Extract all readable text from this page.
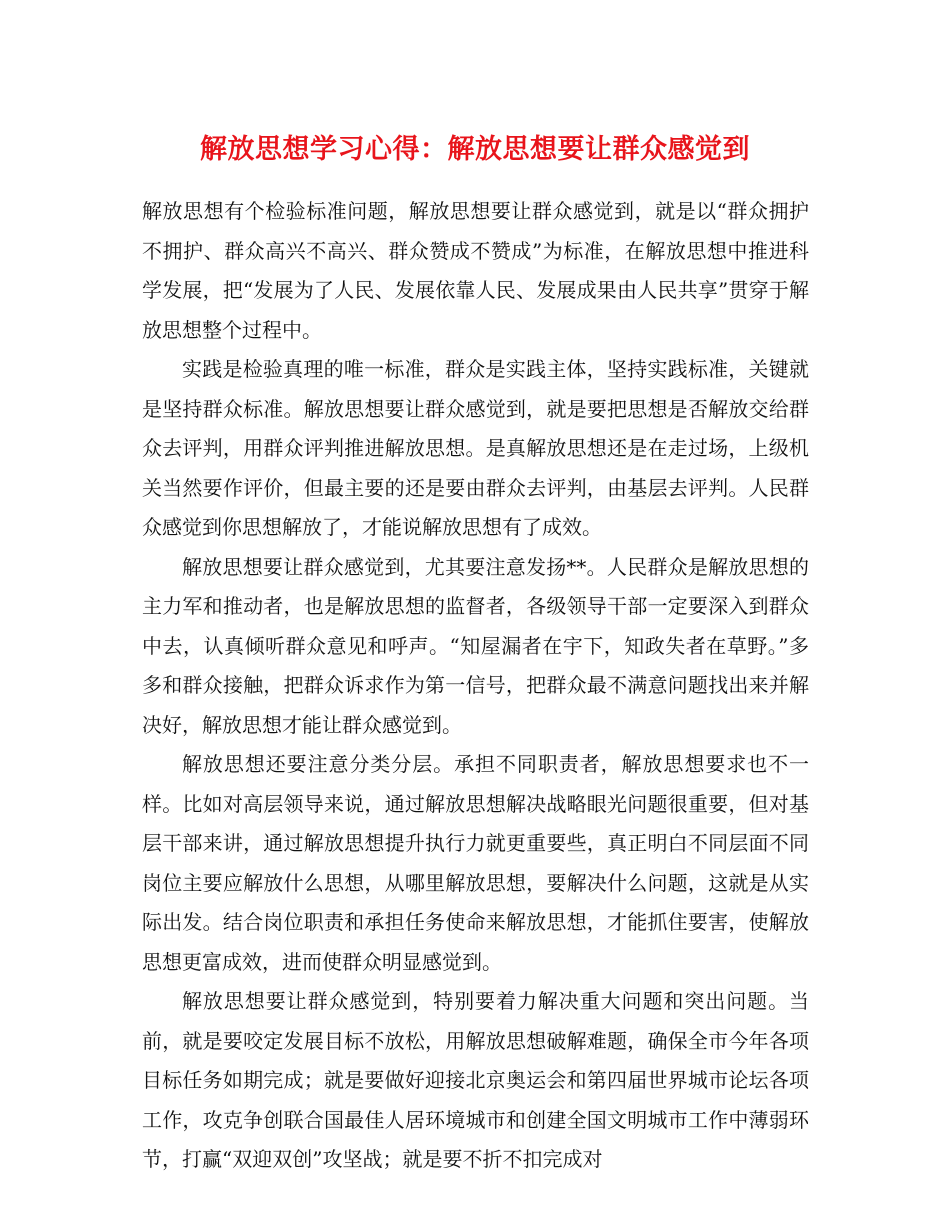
解放思想学习心得：解放思想要让群众感觉到

解放思想有个检验标准问题，解放思想要让群众感觉到，就是以“群众拥护不拥护、群众高兴不高兴、群众赞成不赞成”为标准，在解放思想中推进科学发展，把“发展为了人民、发展依靠人民、发展成果由人民共享”贯穿于解放思想整个过程中。

实践是检验真理的唯一标准，群众是实践主体，坚持实践标准，关键就是坚持群众标准。解放思想要让群众感觉到，就是要把思想是否解放交给群众去评判，用群众评判推进解放思想。是真解放思想还是在走过场，上级机关当然要作评价，但最主要的还是要由群众去评判，由基层去评判。人民群众感觉到你思想解放了，才能说解放思想有了成效。

解放思想要让群众感觉到，尤其要注意发扬**。人民群众是解放思想的主力军和推动者，也是解放思想的监督者，各级领导干部一定要深入到群众中去，认真倾听群众意见和呼声。“知屋漏者在宇下，知政失者在草野。”多多和群众接触，把群众诉求作为第一信号，把群众最不满意问题找出来并解决好，解放思想才能让群众感觉到。

解放思想还要注意分类分层。承担不同职责者，解放思想要求也不一样。比如对高层领导来说，通过解放思想解决战略眼光问题很重要，但对基层干部来讲，通过解放思想提升执行力就更重要些，真正明白不同层面不同岗位主要应解放什么思想，从哪里解放思想，要解决什么问题，这就是从实际出发。结合岗位职责和承担任务使命来解放思想，才能抓住要害，使解放思想更富成效，进而使群众明显感觉到。

解放思想要让群众感觉到，特别要着力解决重大问题和突出问题。当前，就是要咬定发展目标不放松，用解放思想破解难题，确保全市今年各项目标任务如期完成；就是要做好迎接北京奥运会和第四届世界城市论坛各项工作，攻克争创联合国最佳人居环境城市和创建全国文明城市工作中薄弱环节，打赢“双迎双创”攻坚战；就是要不折不扣完成对
